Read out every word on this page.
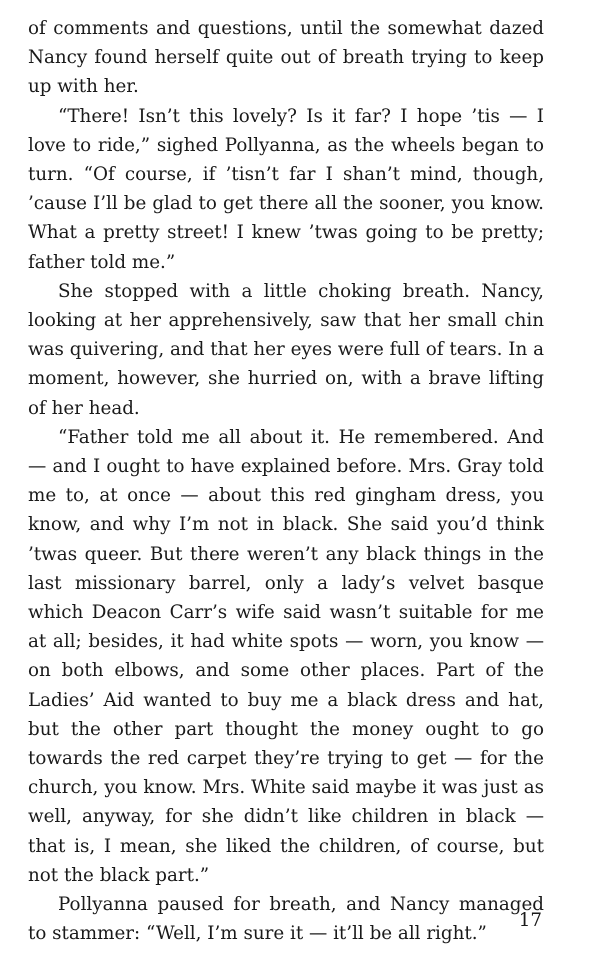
of comments and questions, until the somewhat dazed Nancy found herself quite out of breath trying to keep up with her.

“There! Isn’t this lovely? Is it far? I hope ’tis — I love to ride,” sighed Pollyanna, as the wheels began to turn. “Of course, if ’tisn’t far I shan’t mind, though, ’cause I’ll be glad to get there all the sooner, you know. What a pretty street! I knew ’twas going to be pretty; father told me.”

She stopped with a little choking breath. Nancy, looking at her apprehensively, saw that her small chin was quivering, and that her eyes were full of tears. In a moment, however, she hurried on, with a brave lifting of her head.

“Father told me all about it. He remembered. And — and I ought to have explained before. Mrs. Gray told me to, at once — about this red gingham dress, you know, and why I’m not in black. She said you’d think ’twas queer. But there weren’t any black things in the last missionary barrel, only a lady’s velvet basque which Deacon Carr’s wife said wasn’t suitable for me at all; besides, it had white spots — worn, you know — on both elbows, and some other places. Part of the Ladies’ Aid wanted to buy me a black dress and hat, but the other part thought the money ought to go towards the red carpet they’re trying to get — for the church, you know. Mrs. White said maybe it was just as well, anyway, for she didn’t like children in black — that is, I mean, she liked the children, of course, but not the black part.”

Pollyanna paused for breath, and Nancy managed to stammer: “Well, I’m sure it — it’ll be all right.”

17
